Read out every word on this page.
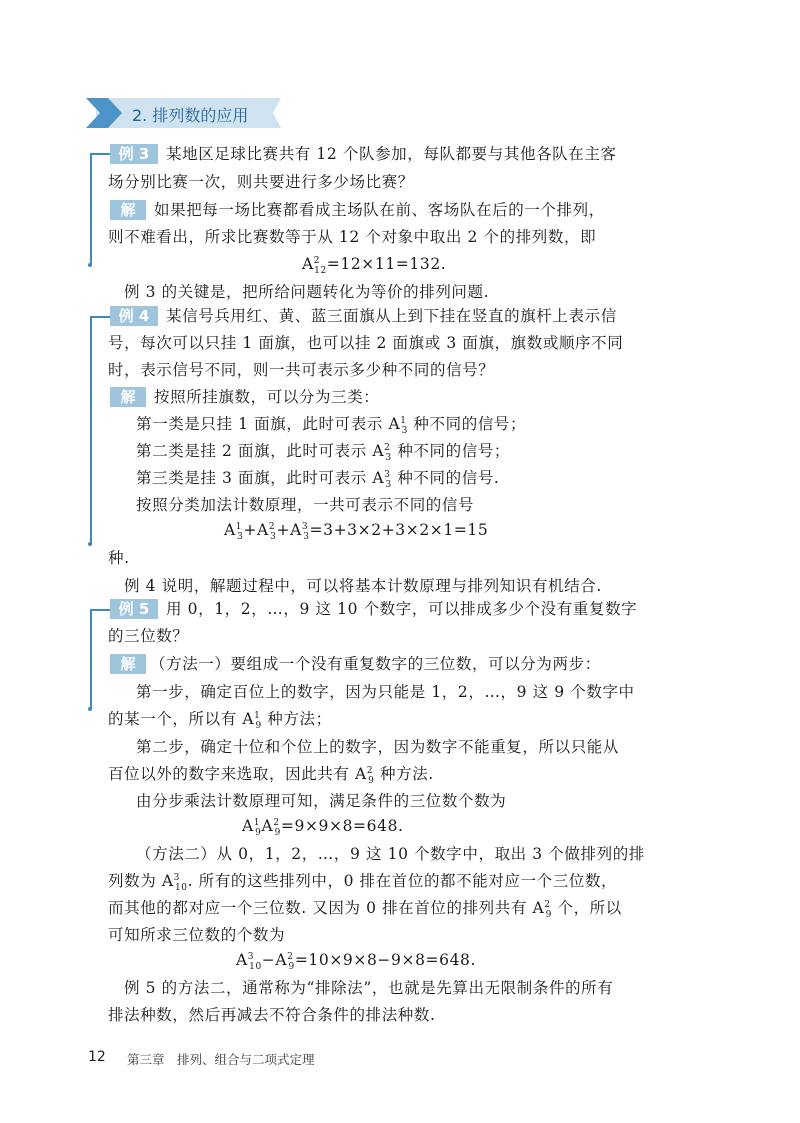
2. 排列数的应用
例 3	某地区足球比赛共有 12 个队参加，每队都要与其他各队在主客
场分别比赛一次，则共要进行多少场比赛？
解	如果把每一场比赛都看成主场队在前、客场队在后的一个排列，
则不难看出，所求比赛数等于从 12 个对象中取出 2 个的排列数，即
$A^2_{12}=12\times 11=132$.
例 3 的关键是，把所给问题转化为等价的排列问题.
例 4	某信号兵用红、黄、蓝三面旗从上到下挂在竖直的旗杆上表示信
号，每次可以只挂 1 面旗，也可以挂 2 面旗或 3 面旗，旗数或顺序不同
时，表示信号不同，则一共可表示多少种不同的信号？
解	按照所挂旗数，可以分为三类：
第一类是只挂 1 面旗，此时可表示 $A^1_3$ 种不同的信号；
第二类是挂 2 面旗，此时可表示 $A^2_3$ 种不同的信号；
第三类是挂 3 面旗，此时可表示 $A^3_3$ 种不同的信号.
按照分类加法计数原理，一共可表示不同的信号
$A^1_3+A^2_3+A^3_3=3+3\times 2+3\times 2\times 1=15$
种.
例 4 说明，解题过程中，可以将基本计数原理与排列知识有机结合.
例 5	用 0，1，2，…，9 这 10 个数字，可以排成多少个没有重复数字
的三位数？
解 （方法一）要组成一个没有重复数字的三位数，可以分为两步：
第一步，确定百位上的数字，因为只能是 1，2，…，9 这 9 个数字中
的某一个，所以有 $A^1_9$ 种方法；
第二步，确定十位和个位上的数字，因为数字不能重复，所以只能从
百位以外的数字来选取，因此共有 $A^2_9$ 种方法.
由分步乘法计数原理可知，满足条件的三位数个数为
$A^1_9A^2_9=9\times 9\times 8=648$.
（方法二）从 0，1，2，…，9 这 10 个数字中，取出 3 个做排列的排
列数为 $A^3_{10}$. 所有的这些排列中，0 排在首位的都不能对应一个三位数，
而其他的都对应一个三位数. 又因为 0 排在首位的排列共有 $A^2_9$ 个，所以
可知所求三位数的个数为
$A^3_{10}-A^2_9=10\times 9\times 8-9\times 8=648$.
例 5 的方法二，通常称为“排除法”，也就是先算出无限制条件的所有
排法种数，然后再减去不符合条件的排法种数.
12 第三章　排列、组合与二项式定理
